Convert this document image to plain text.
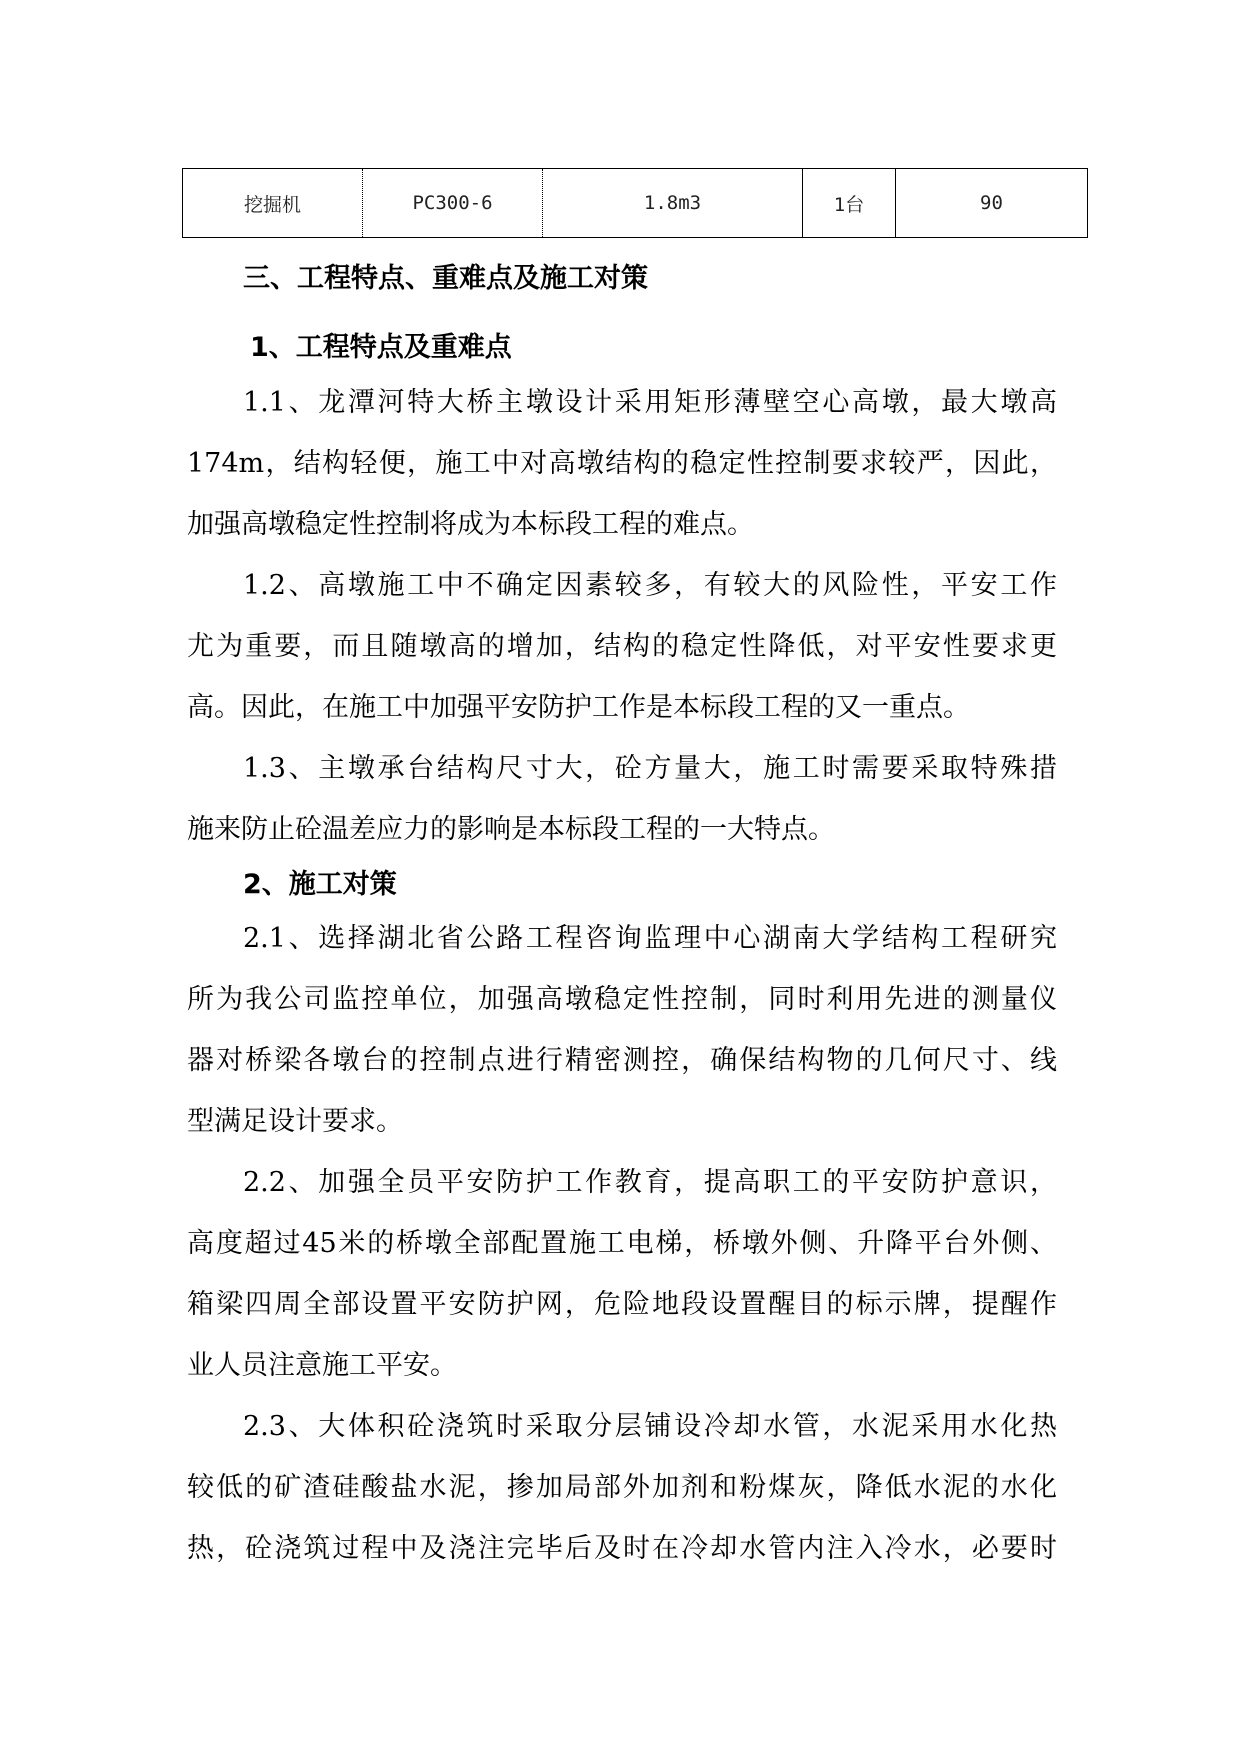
挖掘机	PC300-6	1.8m3	1台	90
三、工程特点、重难点及施工对策
1、工程特点及重难点
1.1、龙潭河特大桥主墩设计采用矩形薄壁空心高墩，最大墩高
174m，结构轻便，施工中对高墩结构的稳定性控制要求较严，因此，
加强高墩稳定性控制将成为本标段工程的难点。
1.2、高墩施工中不确定因素较多，有较大的风险性，平安工作
尤为重要，而且随墩高的增加，结构的稳定性降低，对平安性要求更
高。因此，在施工中加强平安防护工作是本标段工程的又一重点。
1.3、主墩承台结构尺寸大，砼方量大，施工时需要采取特殊措
施来防止砼温差应力的影响是本标段工程的一大特点。
2、施工对策
2.1、选择湖北省公路工程咨询监理中心湖南大学结构工程研究
所为我公司监控单位，加强高墩稳定性控制，同时利用先进的测量仪
器对桥梁各墩台的控制点进行精密测控，确保结构物的几何尺寸、线
型满足设计要求。
2.2、加强全员平安防护工作教育，提高职工的平安防护意识，
高度超过45米的桥墩全部配置施工电梯，桥墩外侧、升降平台外侧、
箱梁四周全部设置平安防护网，危险地段设置醒目的标示牌，提醒作
业人员注意施工平安。
2.3、大体积砼浇筑时采取分层铺设冷却水管，水泥采用水化热
较低的矿渣硅酸盐水泥，掺加局部外加剂和粉煤灰，降低水泥的水化
热，砼浇筑过程中及浇注完毕后及时在冷却水管内注入冷水，必要时
